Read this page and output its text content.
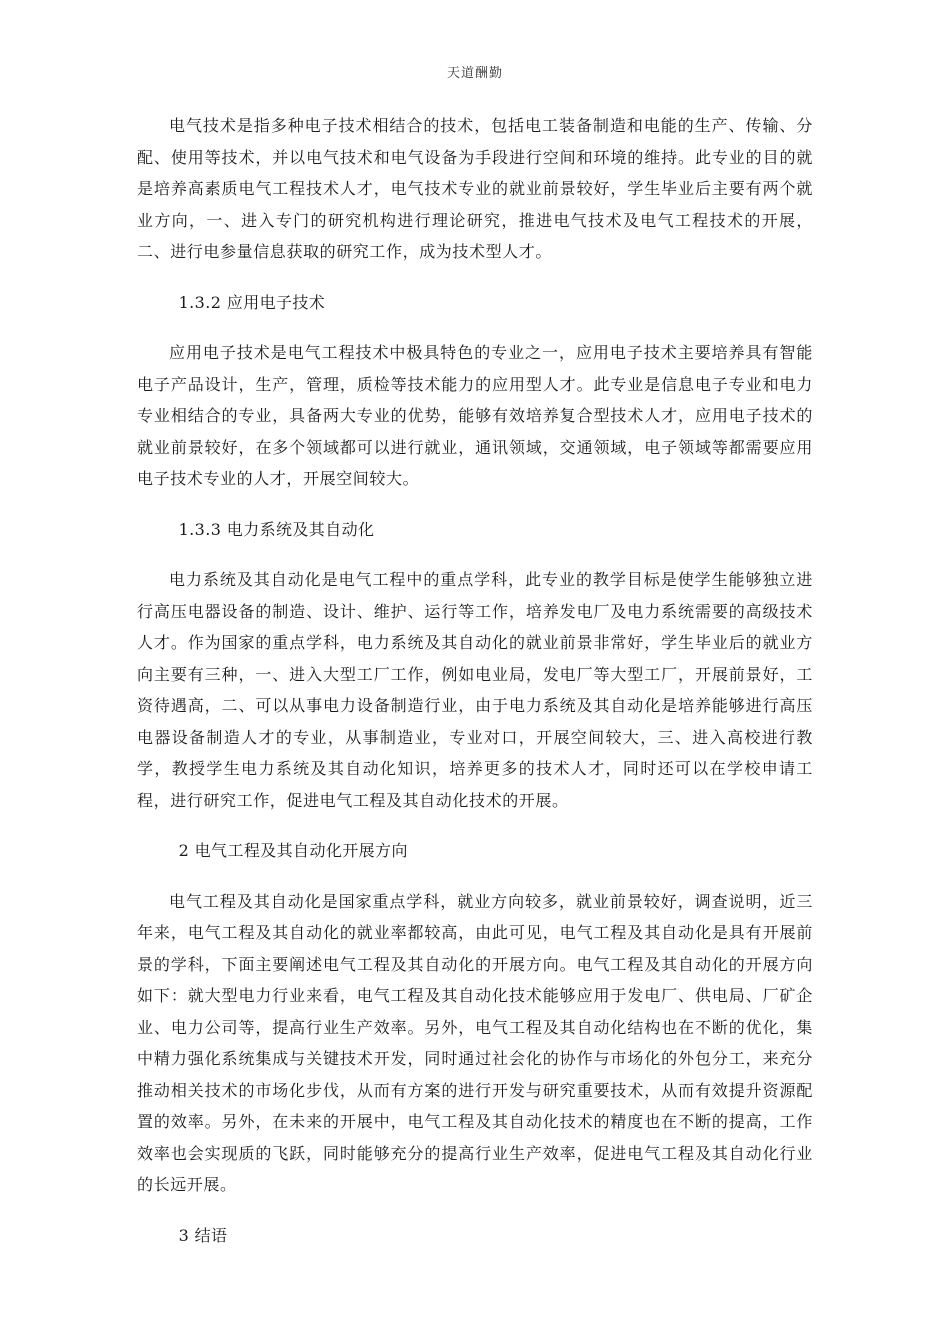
天道酬勤

电气技术是指多种电子技术相结合的技术，包括电工装备制造和电能的生产、传输、分配、使用等技术，并以电气技术和电气设备为手段进行空间和环境的维持。此专业的目的就是培养高素质电气工程技术人才，电气技术专业的就业前景较好，学生毕业后主要有两个就业方向，一、进入专门的研究机构进行理论研究，推进电气技术及电气工程技术的开展，二、进行电参量信息获取的研究工作，成为技术型人才。

1.3.2 应用电子技术

应用电子技术是电气工程技术中极具特色的专业之一，应用电子技术主要培养具有智能电子产品设计，生产，管理，质检等技术能力的应用型人才。此专业是信息电子专业和电力专业相结合的专业，具备两大专业的优势，能够有效培养复合型技术人才，应用电子技术的就业前景较好，在多个领域都可以进行就业，通讯领域，交通领域，电子领域等都需要应用电子技术专业的人才，开展空间较大。

1.3.3 电力系统及其自动化

电力系统及其自动化是电气工程中的重点学科，此专业的教学目标是使学生能够独立进行高压电器设备的制造、设计、维护、运行等工作，培养发电厂及电力系统需要的高级技术人才。作为国家的重点学科，电力系统及其自动化的就业前景非常好，学生毕业后的就业方向主要有三种，一、进入大型工厂工作，例如电业局，发电厂等大型工厂，开展前景好，工资待遇高，二、可以从事电力设备制造行业，由于电力系统及其自动化是培养能够进行高压电器设备制造人才的专业，从事制造业，专业对口，开展空间较大，三、进入高校进行教学，教授学生电力系统及其自动化知识，培养更多的技术人才，同时还可以在学校申请工程，进行研究工作，促进电气工程及其自动化技术的开展。

2 电气工程及其自动化开展方向

电气工程及其自动化是国家重点学科，就业方向较多，就业前景较好，调查说明，近三年来，电气工程及其自动化的就业率都较高，由此可见，电气工程及其自动化是具有开展前景的学科，下面主要阐述电气工程及其自动化的开展方向。电气工程及其自动化的开展方向如下：就大型电力行业来看，电气工程及其自动化技术能够应用于发电厂、供电局、厂矿企业、电力公司等，提高行业生产效率。另外，电气工程及其自动化结构也在不断的优化，集中精力强化系统集成与关键技术开发，同时通过社会化的协作与市场化的外包分工，来充分推动相关技术的市场化步伐，从而有方案的进行开发与研究重要技术，从而有效提升资源配置的效率。另外，在未来的开展中，电气工程及其自动化技术的精度也在不断的提高，工作效率也会实现质的飞跃，同时能够充分的提高行业生产效率，促进电气工程及其自动化行业的长远开展。

3 结语
